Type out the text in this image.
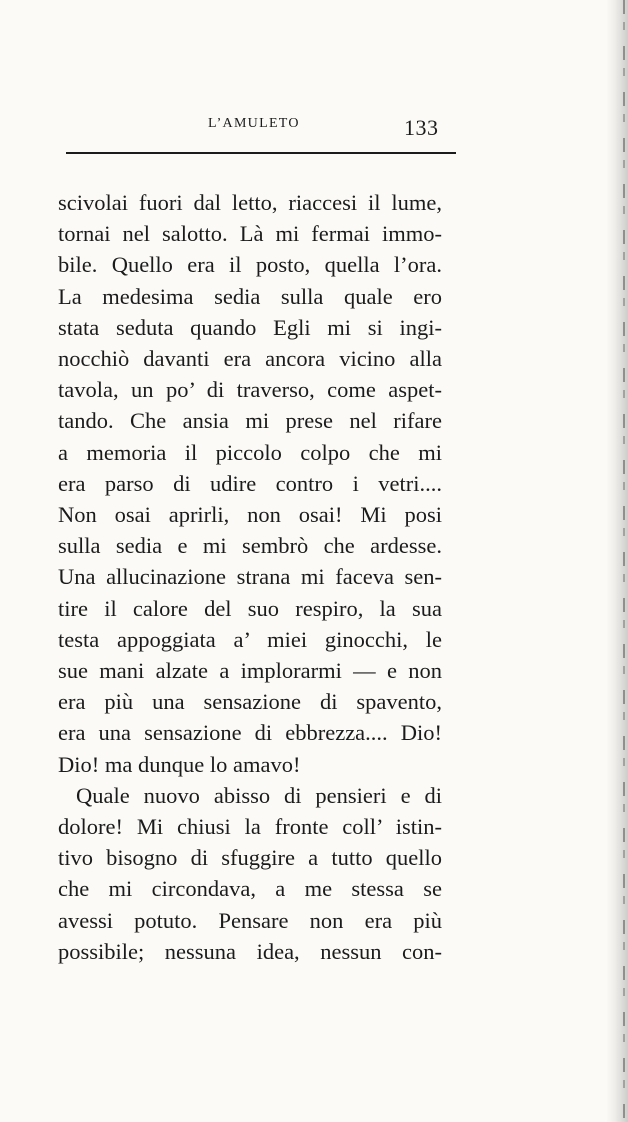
L’AMULETO	133
scivolai fuori dal letto, riaccesi il lume,
tornai nel salotto. Là mi fermai immo-
bile. Quello era il posto, quella l’ora.
La medesima sedia sulla quale ero
stata seduta quando Egli mi si ingi-
nocchiò davanti era ancora vicino alla
tavola, un po’ di traverso, come aspet-
tando. Che ansia mi prese nel rifare
a memoria il piccolo colpo che mi
era parso di udire contro i vetri....
Non osai aprirli, non osai! Mi posi
sulla sedia e mi sembrò che ardesse.
Una allucinazione strana mi faceva sen-
tire il calore del suo respiro, la sua
testa appoggiata a’ miei ginocchi, le
sue mani alzate a implorarmi — e non
era più una sensazione di spavento,
era una sensazione di ebbrezza.... Dio!
Dio! ma dunque lo amavo!
Quale nuovo abisso di pensieri e di
dolore! Mi chiusi la fronte coll’ istin-
tivo bisogno di sfuggire a tutto quello
che mi circondava, a me stessa se
avessi potuto. Pensare non era più
possibile; nessuna idea, nessun con-
